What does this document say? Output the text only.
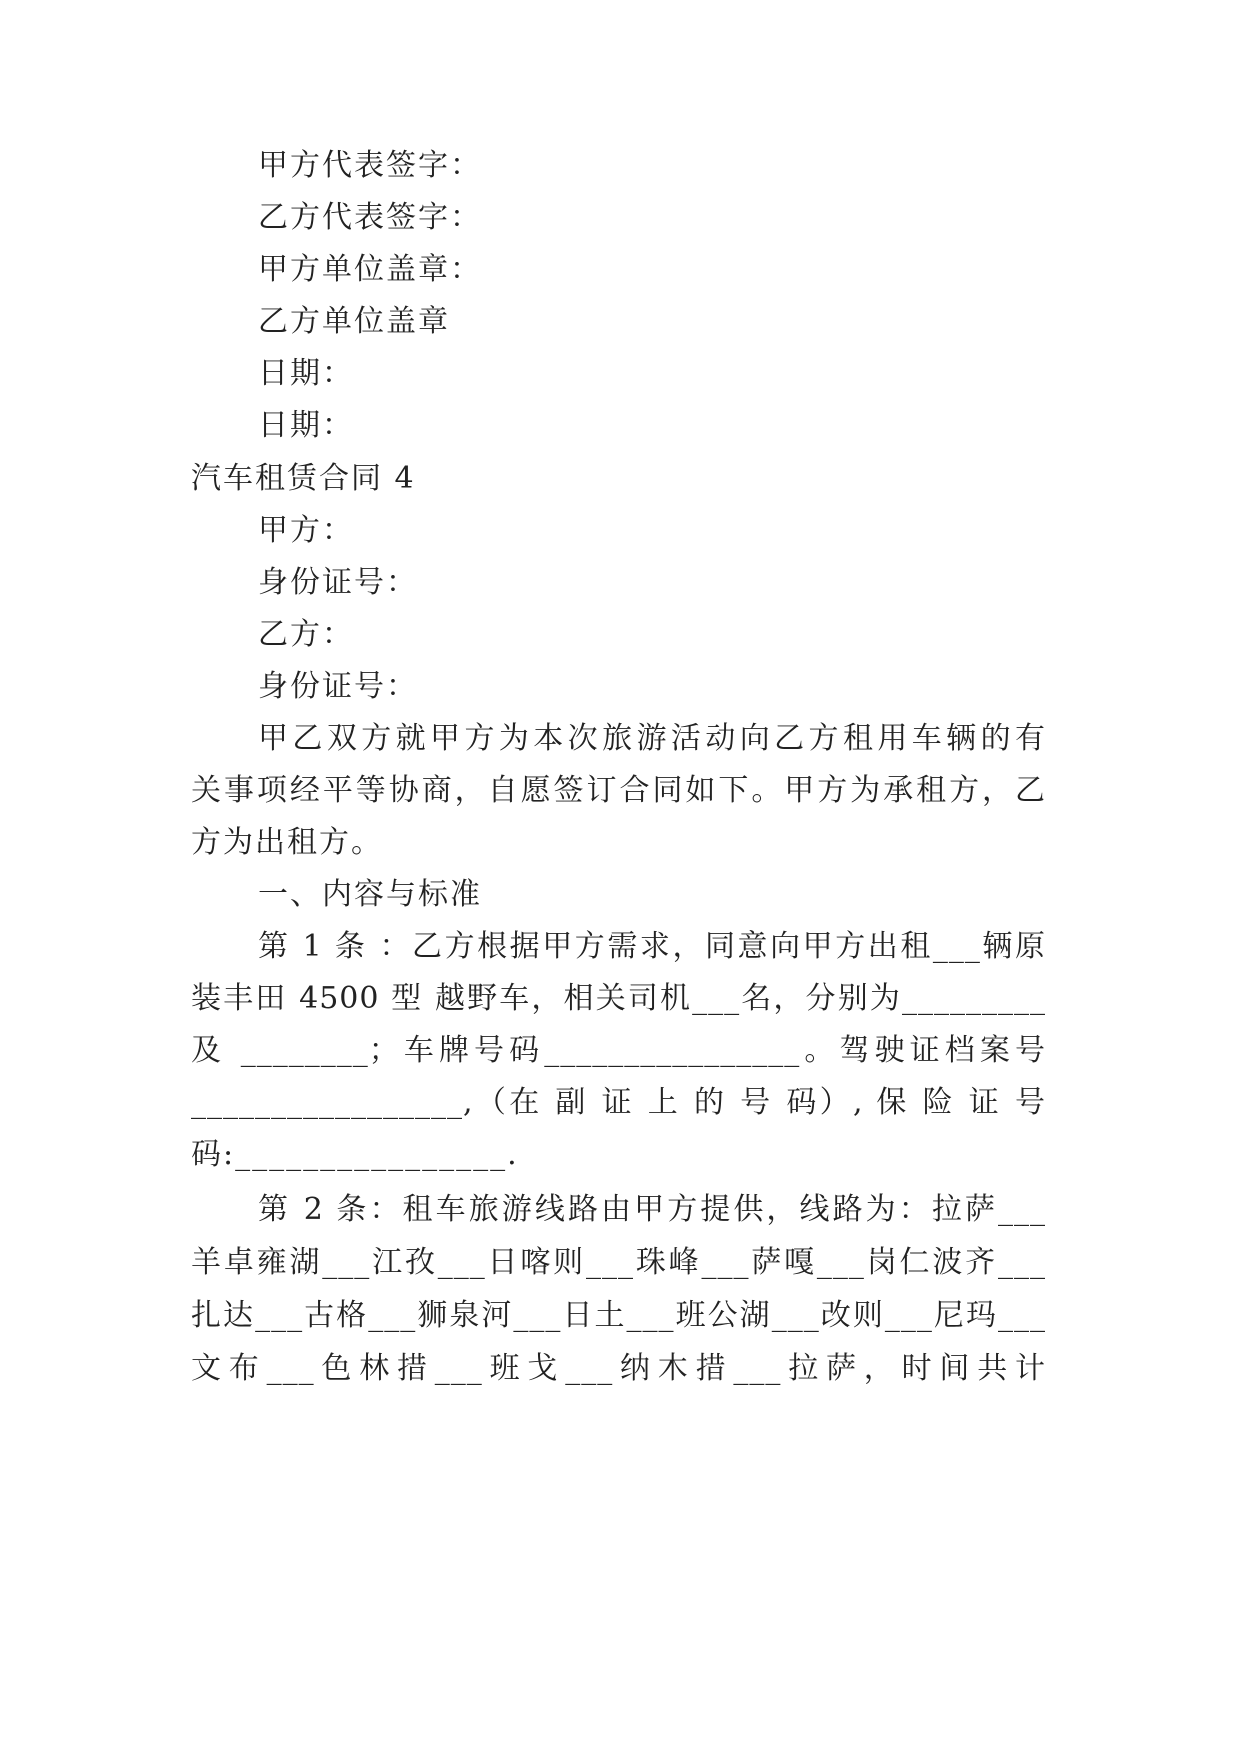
甲方代表签字：
乙方代表签字：
甲方单位盖章：
乙方单位盖章
日期：
日期：
汽车租赁合同 4
甲方：
身份证号：
乙方：
身份证号：
甲乙双方就甲方为本次旅游活动向乙方租用车辆的有
关事项经平等协商，自愿签订合同如下。甲方为承租方，乙
方为出租方。
一、内容与标准
第 1 条 ：乙方根据甲方需求，同意向甲方出租___辆原
装丰田 4500 型 越野车，相关司机___名，分别为_________
及 ________；车牌号码________________。驾驶证档案号
_________________,（在 副 证 上 的 号 码）, 保 险 证 号
码:________________.
第 2 条：租车旅游线路由甲方提供，线路为：拉萨___
羊卓雍湖___江孜___日喀则___珠峰___萨嘎___岗仁波齐___
扎达___古格___狮泉河___日土___班公湖___改则___尼玛___
文布___色林措___班戈___纳木措___拉萨，时间共计
